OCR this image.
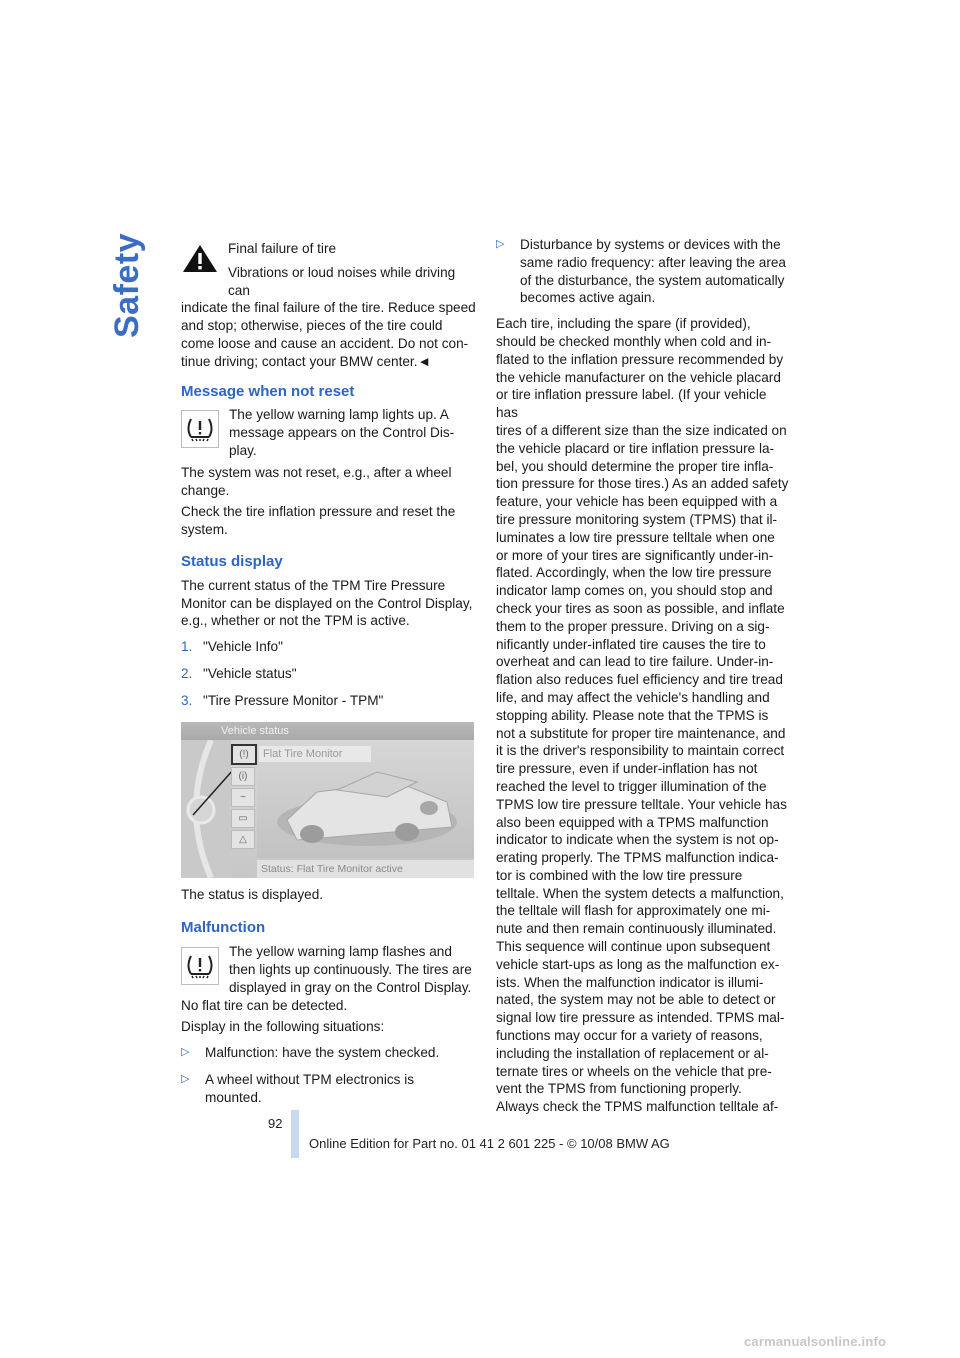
Safety	Final failure of tire

Vibrations or loud noises while driving can
indicate the final failure of the tire. Reduce speed
and stop; otherwise, pieces of the tire could
come loose and cause an accident. Do not con-
tinue driving; contact your BMW center.◄

Message when not reset
The yellow warning lamp lights up. A
message appears on the Control Dis-
play.

The system was not reset, e.g., after a wheel
change.

Check the tire inflation pressure and reset the
system.

Status display

The current status of the TPM Tire Pressure
Monitor can be displayed on the Control Display,
e.g., whether or not the TPM is active.

1. "Vehicle Info"

2. "Vehicle status"

3. "Tire Pressure Monitor - TPM"

Vehicle status
(!)
(i)
~
▭
△
Flat Tire Monitor
Status: Flat Tire Monitor active

The status is displayed.

Malfunction
The yellow warning lamp flashes and
then lights up continuously. The tires are
displayed in gray on the Control Display.

No flat tire can be detected.

Display in the following situations:

▷	Malfunction: have the system checked.
▷	A wheel without TPM electronics is
mounted.
▷	Disturbance by systems or devices with the
same radio frequency: after leaving the area
of the disturbance, the system automatically
becomes active again.
Each tire, including the spare (if provided),
should be checked monthly when cold and in-
flated to the inflation pressure recommended by
the vehicle manufacturer on the vehicle placard
or tire inflation pressure label. (If your vehicle has
tires of a different size than the size indicated on
the vehicle placard or tire inflation pressure la-
bel, you should determine the proper tire infla-
tion pressure for those tires.) As an added safety
feature, your vehicle has been equipped with a
tire pressure monitoring system (TPMS) that il-
luminates a low tire pressure telltale when one
or more of your tires are significantly under-in-
flated. Accordingly, when the low tire pressure
indicator lamp comes on, you should stop and
check your tires as soon as possible, and inflate
them to the proper pressure. Driving on a sig-
nificantly under-inflated tire causes the tire to
overheat and can lead to tire failure. Under-in-
flation also reduces fuel efficiency and tire tread
life, and may affect the vehicle's handling and
stopping ability. Please note that the TPMS is
not a substitute for proper tire maintenance, and
it is the driver's responsibility to maintain correct
tire pressure, even if under-inflation has not
reached the level to trigger illumination of the
TPMS low tire pressure telltale. Your vehicle has
also been equipped with a TPMS malfunction
indicator to indicate when the system is not op-
erating properly. The TPMS malfunction indica-
tor is combined with the low tire pressure
telltale. When the system detects a malfunction,
the telltale will flash for approximately one mi-
nute and then remain continuously illuminated.
This sequence will continue upon subsequent
vehicle start-ups as long as the malfunction ex-
ists. When the malfunction indicator is illumi-
nated, the system may not be able to detect or
signal low tire pressure as intended. TPMS mal-
functions may occur for a variety of reasons,
including the installation of replacement or al-
ternate tires or wheels on the vehicle that pre-
vent the TPMS from functioning properly.
Always check the TPMS malfunction telltale af-
92
Online Edition for Part no. 01 41 2 601 225 - © 10/08 BMW AG
carmanualsonline.info
